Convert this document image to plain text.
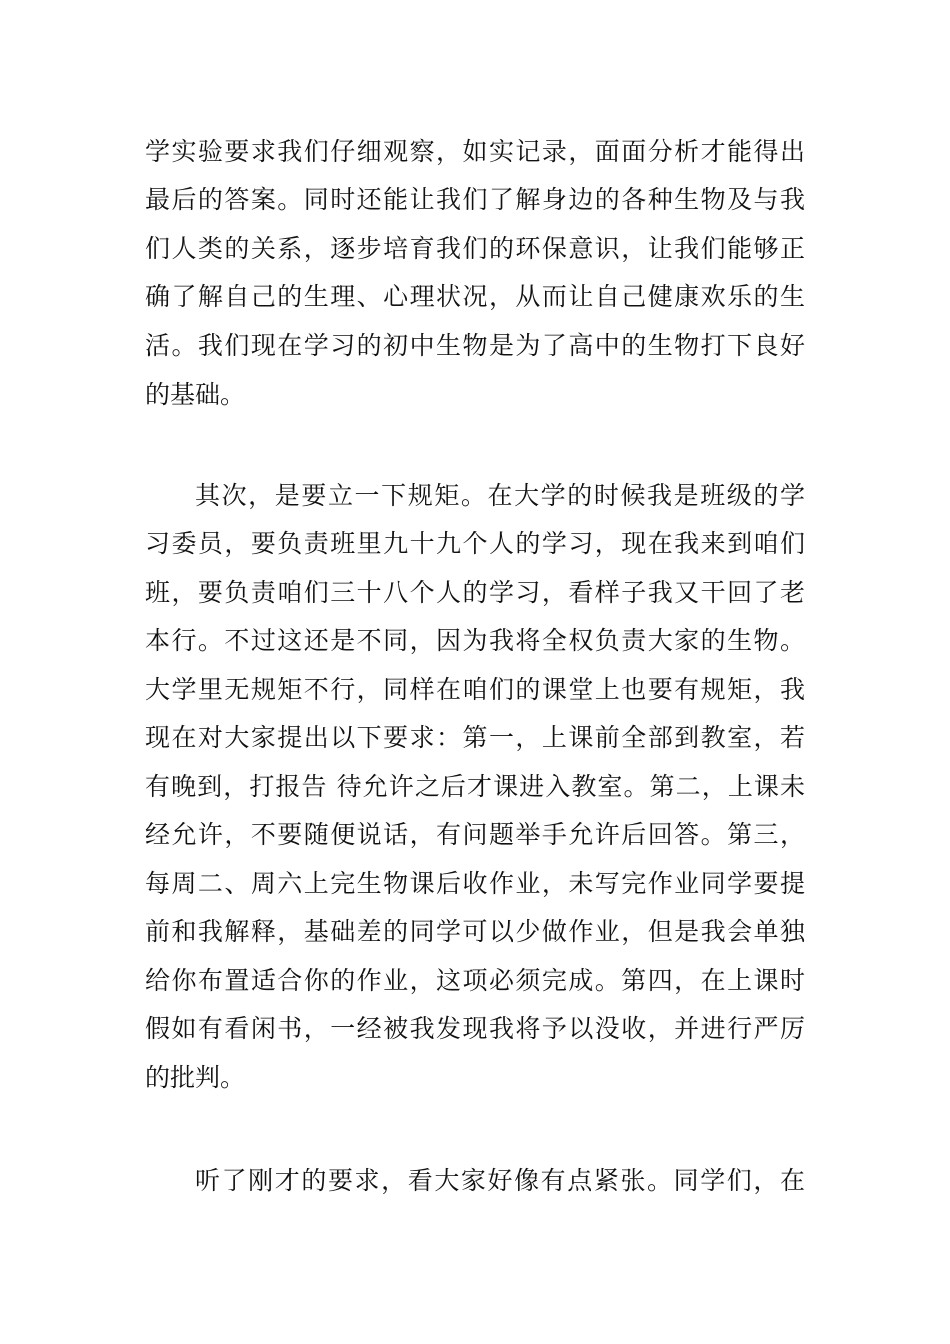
学实验要求我们仔细观察，如实记录，面面分析才能得出

最后的答案。同时还能让我们了解身边的各种生物及与我

们人类的关系，逐步培育我们的环保意识，让我们能够正

确了解自己的生理、心理状况，从而让自己健康欢乐的生

活。我们现在学习的初中生物是为了高中的生物打下良好

的基础。

其次，是要立一下规矩。在大学的时候我是班级的学

习委员，要负责班里九十九个人的学习，现在我来到咱们

班，要负责咱们三十八个人的学习，看样子我又干回了老

本行。不过这还是不同，因为我将全权负责大家的生物。

大学里无规矩不行，同样在咱们的课堂上也要有规矩，我

现在对大家提出以下要求：第一，上课前全部到教室，若

有晚到，打报告 待允许之后才课进入教室。第二，上课未

经允许，不要随便说话，有问题举手允许后回答。第三，

每周二、周六上完生物课后收作业，未写完作业同学要提

前和我解释，基础差的同学可以少做作业，但是我会单独

给你布置适合你的作业，这项必须完成。第四，在上课时

假如有看闲书，一经被我发现我将予以没收，并进行严厉

的批判。

听了刚才的要求，看大家好像有点紧张。同学们，在
